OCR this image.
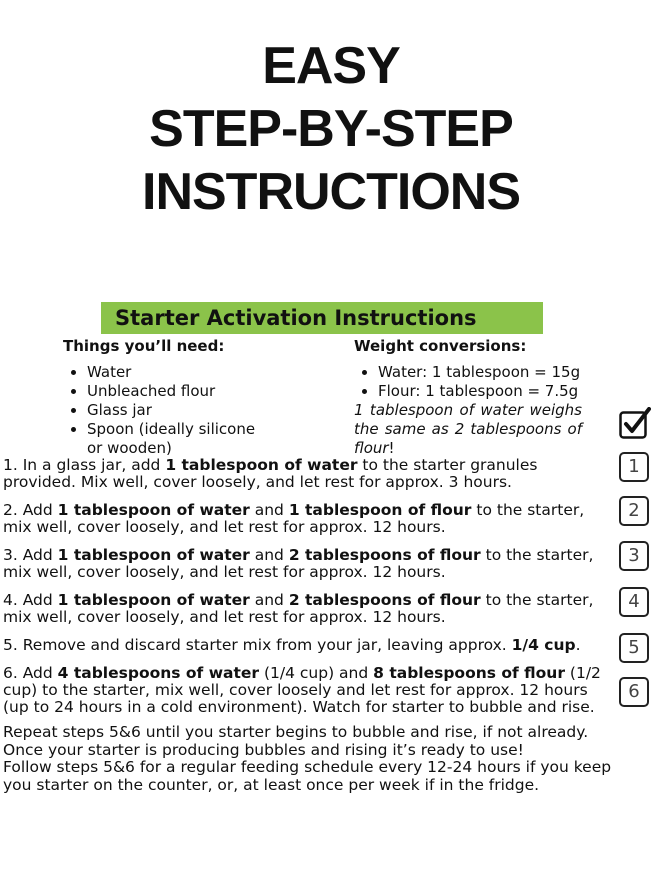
EASY
STEP-BY-STEP
INSTRUCTIONS
Starter Activation Instructions
Things you’ll need:
• Water
• Unbleached flour
• Glass jar
• Spoon (ideally silicone or wooden)
Weight conversions:
• Water: 1 tablespoon = 15g
• Flour: 1 tablespoon = 7.5g
1 tablespoon of water weighs the same as 2 tablespoons of flour!
1. In a glass jar, add 1 tablespoon of water to the starter granules provided. Mix well, cover loosely, and let rest for approx. 3 hours.
2. Add 1 tablespoon of water and 1 tablespoon of flour to the starter, mix well, cover loosely, and let rest for approx. 12 hours.
3. Add 1 tablespoon of water and 2 tablespoons of flour to the starter, mix well, cover loosely, and let rest for approx. 12 hours.
4. Add 1 tablespoon of water and 2 tablespoons of flour to the starter, mix well, cover loosely, and let rest for approx. 12 hours.
5. Remove and discard starter mix from your jar, leaving approx. 1/4 cup.
6. Add 4 tablespoons of water (1/4 cup) and 8 tablespoons of flour (1/2 cup) to the starter, mix well, cover loosely and let rest for approx. 12 hours (up to 24 hours in a cold environment). Watch for starter to bubble and rise.
1
2
3
4
5
6
Repeat steps 5&6 until you starter begins to bubble and rise, if not already.
Once your starter is producing bubbles and rising it’s ready to use!
Follow steps 5&6 for a regular feeding schedule every 12-24 hours if you keep you starter on the counter, or, at least once per week if in the fridge.
